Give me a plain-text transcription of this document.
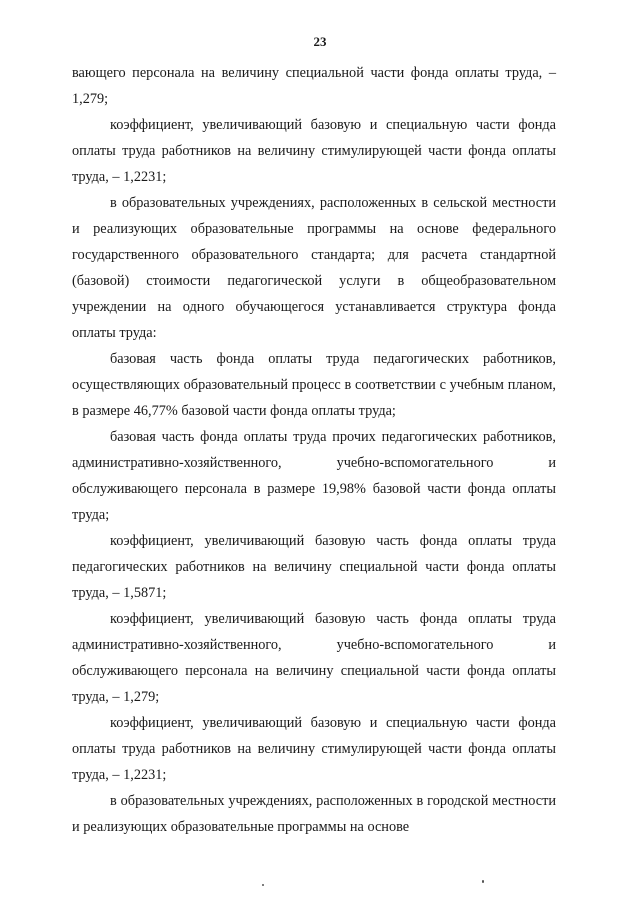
23

вающего персонала на величину специальной части фонда оплаты труда, – 1,279;

коэффициент, увеличивающий базовую и специальную части фонда оплаты труда работников на величину стимулирующей части фонда оплаты труда, – 1,2231;

в образовательных учреждениях, расположенных в сельской местности и реализующих образовательные программы на основе федерального государственного образовательного стандарта; для расчета стандартной (базовой) стоимости педагогической услуги в общеобразовательном учреждении на одного обучающегося устанавливается структура фонда оплаты труда:

базовая часть фонда оплаты труда педагогических работников, осуществляющих образовательный процесс в соответствии с учебным планом, в размере 46,77% базовой части фонда оплаты труда;

базовая часть фонда оплаты труда прочих педагогических работников, административно-хозяйственного, учебно-вспомогательного и обслуживающего персонала в размере 19,98% базовой части фонда оплаты труда;

коэффициент, увеличивающий базовую часть фонда оплаты труда педагогических работников на величину специальной части фонда оплаты труда, – 1,5871;

коэффициент, увеличивающий базовую часть фонда оплаты труда административно-хозяйственного, учебно-вспомогательного и обслуживающего персонала на величину специальной части фонда оплаты труда, – 1,279;

коэффициент, увеличивающий базовую и специальную части фонда оплаты труда работников на величину стимулирующей части фонда оплаты труда, – 1,2231;

в образовательных учреждениях, расположенных в городской местности и реализующих образовательные программы на основе
